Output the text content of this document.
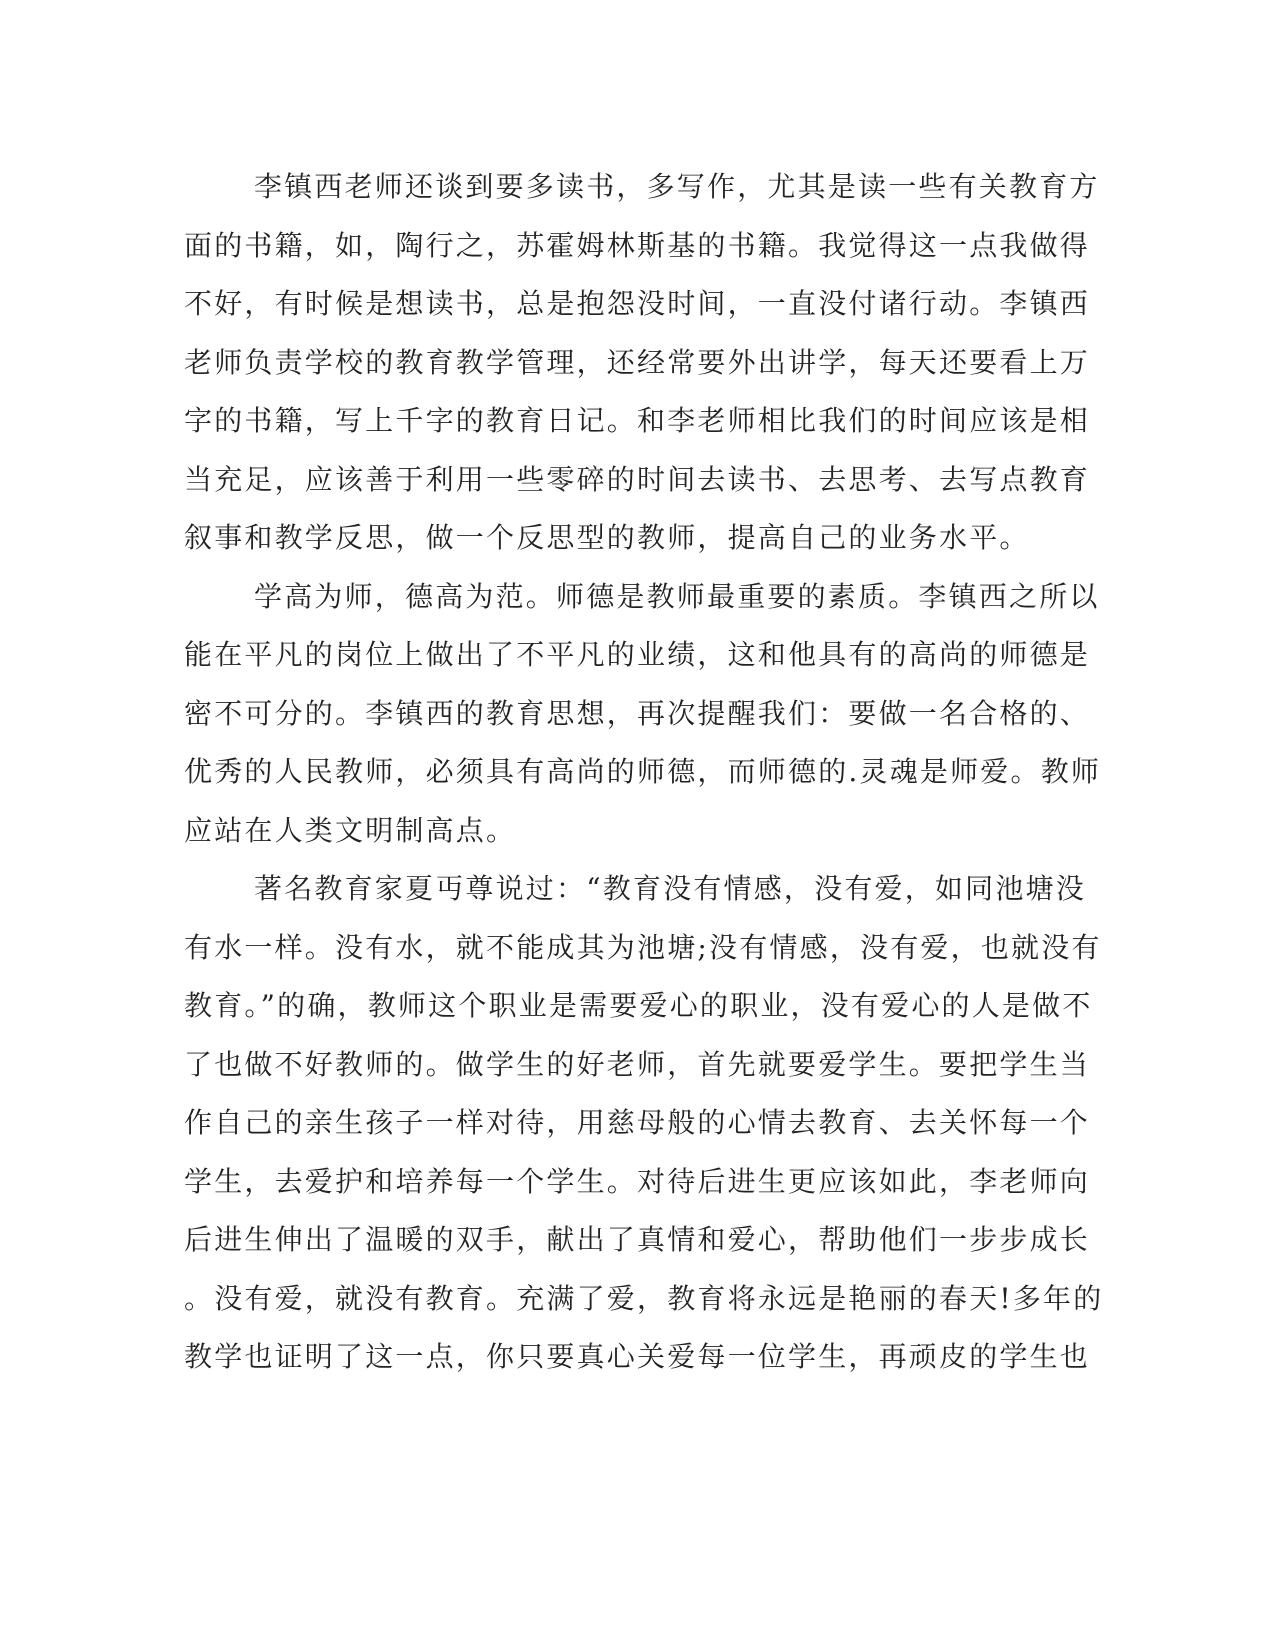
李镇西老师还谈到要多读书，多写作，尤其是读一些有关教育方
面的书籍，如，陶行之，苏霍姆林斯基的书籍。我觉得这一点我做得
不好，有时候是想读书，总是抱怨没时间，一直没付诸行动。李镇西
老师负责学校的教育教学管理，还经常要外出讲学，每天还要看上万
字的书籍，写上千字的教育日记。和李老师相比我们的时间应该是相
当充足，应该善于利用一些零碎的时间去读书、去思考、去写点教育
叙事和教学反思，做一个反思型的教师，提高自己的业务水平。
学高为师，德高为范。师德是教师最重要的素质。李镇西之所以
能在平凡的岗位上做出了不平凡的业绩，这和他具有的高尚的师德是
密不可分的。李镇西的教育思想，再次提醒我们：要做一名合格的、
优秀的人民教师，必须具有高尚的师德，而师德的.灵魂是师爱。教师
应站在人类文明制高点。
著名教育家夏丏尊说过：“教育没有情感，没有爱，如同池塘没
有水一样。没有水，就不能成其为池塘;没有情感，没有爱，也就没有
教育。”的确，教师这个职业是需要爱心的职业，没有爱心的人是做不
了也做不好教师的。做学生的好老师，首先就要爱学生。要把学生当
作自己的亲生孩子一样对待，用慈母般的心情去教育、去关怀每一个
学生，去爱护和培养每一个学生。对待后进生更应该如此，李老师向
后进生伸出了温暖的双手，献出了真情和爱心，帮助他们一步步成长
。没有爱，就没有教育。充满了爱，教育将永远是艳丽的春天!多年的
教学也证明了这一点，你只要真心关爱每一位学生，再顽皮的学生也
